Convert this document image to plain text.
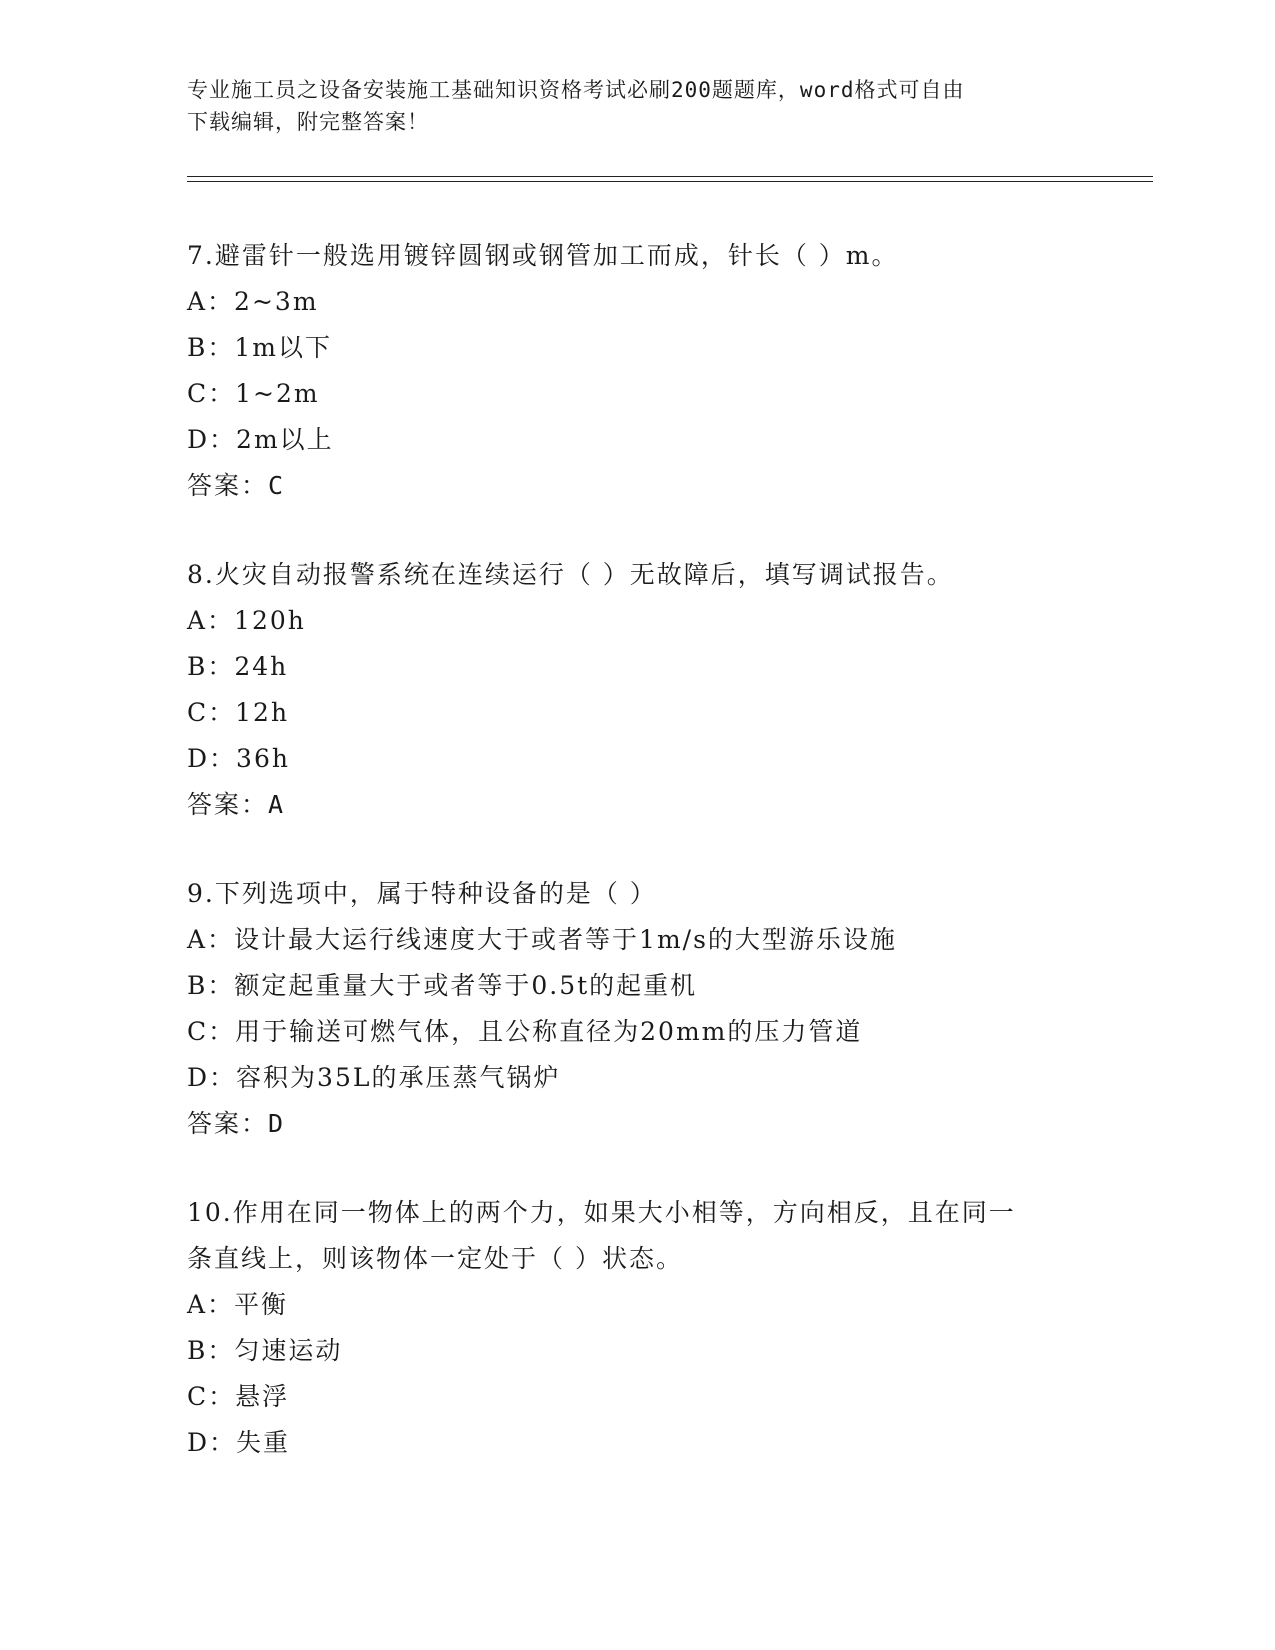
专业施工员之设备安装施工基础知识资格考试必刷200题题库，word格式可自由
下载编辑，附完整答案！

7.避雷针一般选用镀锌圆钢或钢管加工而成，针长（ ）m。

A：2~3m

B：1m以下

C：1~2m

D：2m以上

答案：C

8.火灾自动报警系统在连续运行（ ）无故障后，填写调试报告。

A：120h

B：24h

C：12h

D：36h

答案：A

9.下列选项中，属于特种设备的是（ ）

A：设计最大运行线速度大于或者等于1m/s的大型游乐设施

B：额定起重量大于或者等于0.5t的起重机

C：用于输送可燃气体，且公称直径为20mm的压力管道

D：容积为35L的承压蒸气锅炉

答案：D

10.作用在同一物体上的两个力，如果大小相等，方向相反，且在同一

条直线上，则该物体一定处于（ ）状态。

A：平衡

B：匀速运动

C：悬浮

D：失重
